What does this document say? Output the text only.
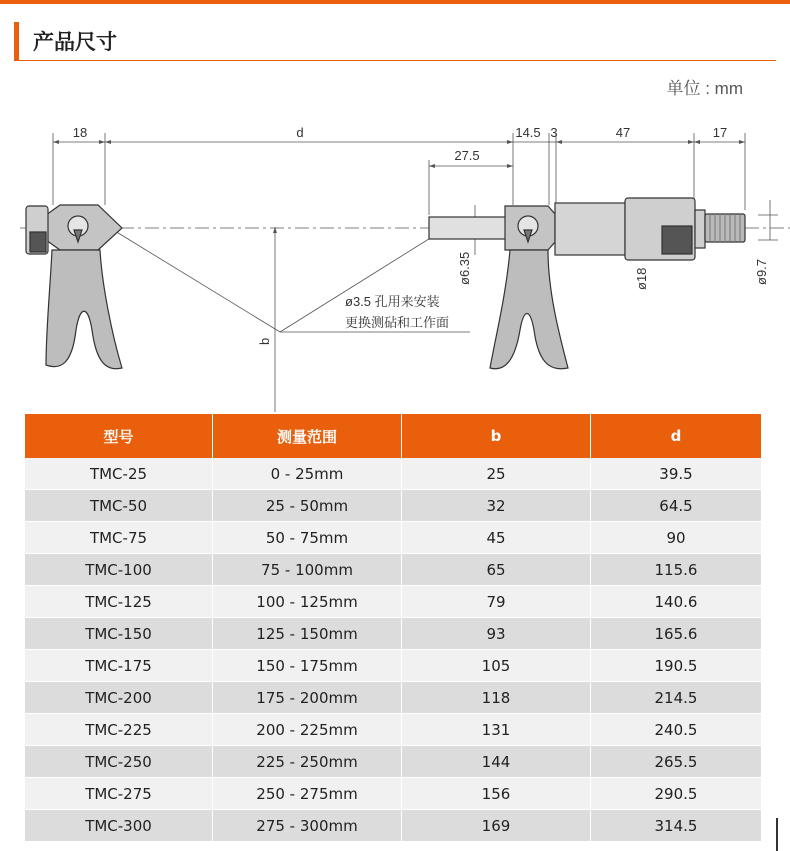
产品尺寸
单位 : mm
18	d
27.5
14.5 3	47	17
ø6.35	ø18	ø9.7
b
ø3.5 孔用来安装
更换测砧和工作面
型号	测量范围	b	d
TMC-25	0 - 25mm	25	39.5
TMC-50	25 - 50mm	32	64.5
TMC-75	50 - 75mm	45	90
TMC-100	75 - 100mm	65	115.6
TMC-125	100 - 125mm	79	140.6
TMC-150	125 - 150mm	93	165.6
TMC-175	150 - 175mm	105	190.5
TMC-200	175 - 200mm	118	214.5
TMC-225	200 - 225mm	131	240.5
TMC-250	225 - 250mm	144	265.5
TMC-275	250 - 275mm	156	290.5
TMC-300	275 - 300mm	169	314.5
